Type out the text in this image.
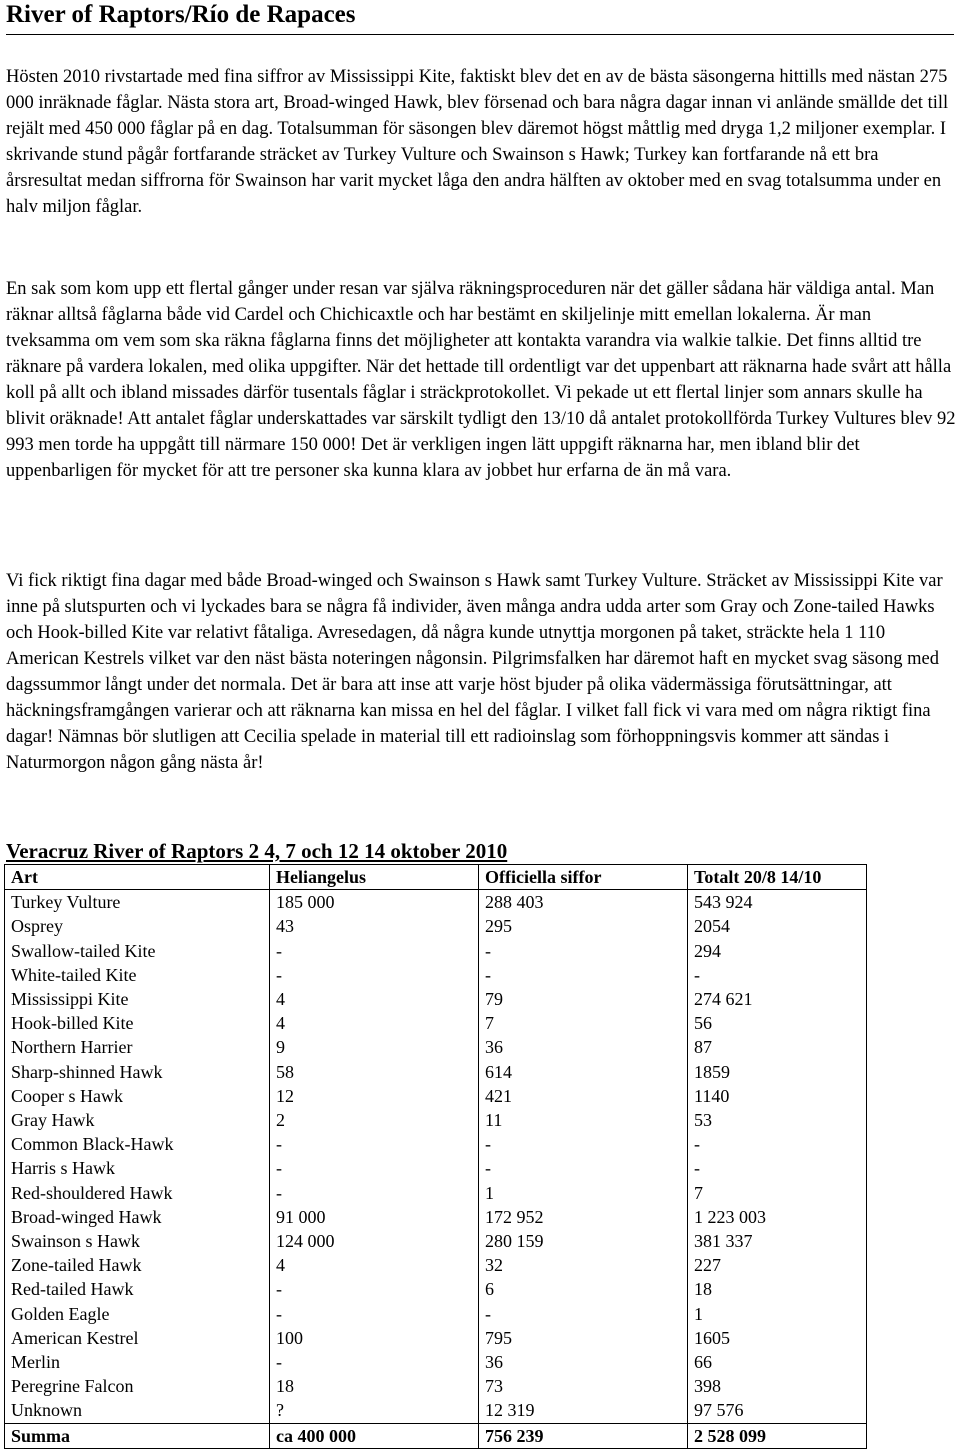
River of Raptors/Río de Rapaces

Hösten 2010 rivstartade med fina siffror av Mississippi Kite, faktiskt blev det en av de bästa säsongerna hittills med nästan 275 000 inräknade fåglar. Nästa stora art, Broad-winged Hawk, blev försenad och bara några dagar innan vi anlände smällde det till rejält med 450 000 fåglar på en dag. Totalsumman för säsongen blev däremot högst måttlig med dryga 1,2 miljoner exemplar. I skrivande stund pågår fortfarande sträcket av Turkey Vulture och Swainson s Hawk; Turkey kan fortfarande nå ett bra årsresultat medan siffrorna för Swainson har varit mycket låga den andra hälften av oktober med en svag totalsumma under en halv miljon fåglar.

En sak som kom upp ett flertal gånger under resan var själva räkningsproceduren när det gäller sådana här väldiga antal. Man räknar alltså fåglarna både vid Cardel och Chichicaxtle och har bestämt en skiljelinje mitt emellan lokalerna. Är man tveksamma om vem som ska räkna fåglarna finns det möjligheter att kontakta varandra via walkie talkie. Det finns alltid tre räknare på vardera lokalen, med olika uppgifter. När det hettade till ordentligt var det uppenbart att räknarna hade svårt att hålla koll på allt och ibland missades därför tusentals fåglar i sträckprotokollet. Vi pekade ut ett flertal linjer som annars skulle ha blivit oräknade! Att antalet fåglar underskattades var särskilt tydligt den 13/10 då antalet protokollförda Turkey Vultures blev 92 993 men torde ha uppgått till närmare 150 000! Det är verkligen ingen lätt uppgift räknarna har, men ibland blir det uppenbarligen för mycket för att tre personer ska kunna klara av jobbet hur erfarna de än må vara.

Vi fick riktigt fina dagar med både Broad-winged och Swainson s Hawk samt Turkey Vulture. Sträcket av Mississippi Kite var inne på slutspurten och vi lyckades bara se några få individer, även många andra udda arter som Gray och Zone-tailed Hawks och Hook-billed Kite var relativt fåtaliga. Avresedagen, då några kunde utnyttja morgonen på taket, sträckte hela 1 110 American Kestrels vilket var den näst bästa noteringen någonsin. Pilgrimsfalken har däremot haft en mycket svag säsong med dagssummor långt under det normala. Det är bara att inse att varje höst bjuder på olika vädermässiga förutsättningar, att häckningsframgången varierar och att räknarna kan missa en hel del fåglar. I vilket fall fick vi vara med om några riktigt fina dagar! Nämnas bör slutligen att Cecilia spelade in material till ett radioinslag som förhoppningsvis kommer att sändas i Naturmorgon någon gång nästa år!

Veracruz River of Raptors 2 4, 7 och 12 14 oktober 2010
Art	Heliangelus	Officiella siffor	Totalt 20/8 14/10
Turkey Vulture	185 000	288 403	543 924
Osprey	43	295	2054
Swallow-tailed Kite	-	-	294
White-tailed Kite	-	-	-
Mississippi Kite	4	79	274 621
Hook-billed Kite	4	7	56
Northern Harrier	9	36	87
Sharp-shinned Hawk	58	614	1859
Cooper s Hawk	12	421	1140
Gray Hawk	2	11	53
Common Black-Hawk	-	-	-
Harris s Hawk	-	-	-
Red-shouldered Hawk	-	1	7
Broad-winged Hawk	91 000	172 952	1 223 003
Swainson s Hawk	124 000	280 159	381 337
Zone-tailed Hawk	4	32	227
Red-tailed Hawk	-	6	18
Golden Eagle	-	-	1
American Kestrel	100	795	1605
Merlin	-	36	66
Peregrine Falcon	18	73	398
Unknown	?	12 319	97 576
Summa	ca 400 000	756 239	2 528 099
